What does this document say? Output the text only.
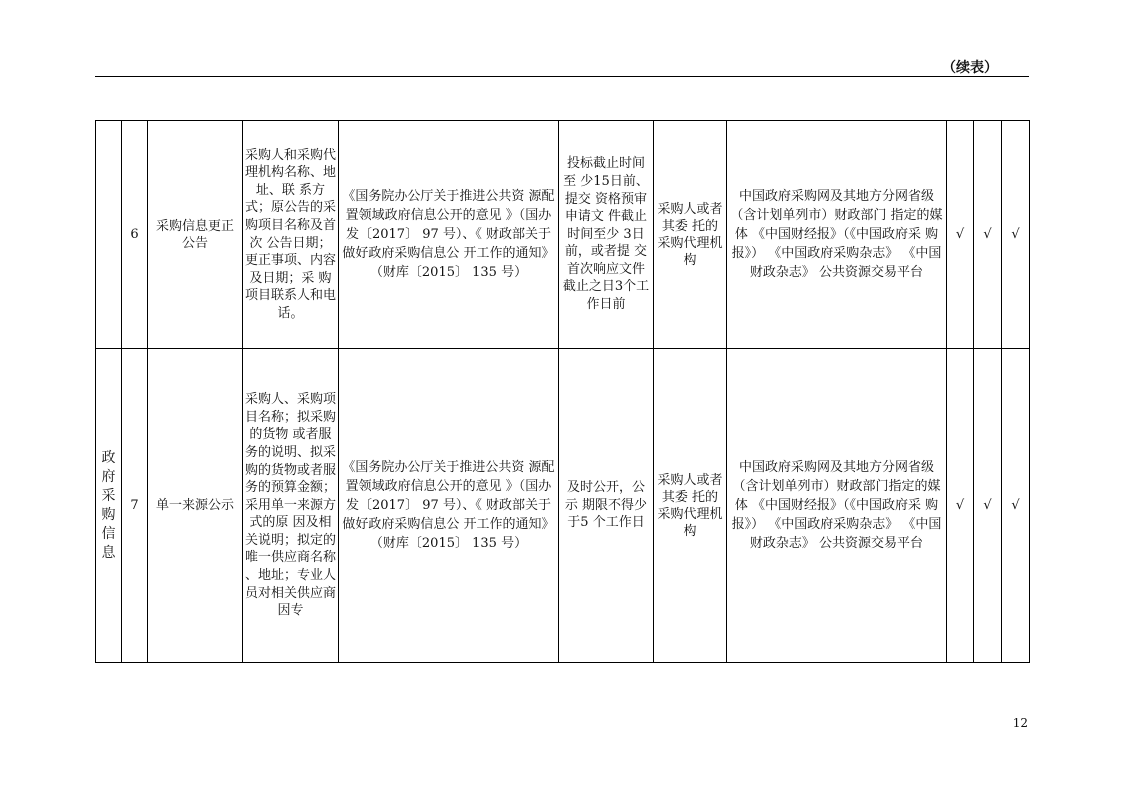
（续表）
	6	采购信息更正公告	采购人和采购代理机构名称、地址、联 系方式；原公告的采购项目名称及首次 公告日期；更正事项、内容及日期；采 购项目联系人和电话。	《国务院办公厅关于推进公共资 源配置领域政府信息公开的意见 》（国办发〔2017〕 97 号）、《 财政部关于做好政府采购信息公 开工作的通知》（财库〔2015〕 135 号）	投标截止时间至 少15日前、提交 资格预审申请文 件截止时间至少 3日前，或者提 交首次响应文件 截止之日3个工 作日前	采购人或者其委 托的采购代理机 构	中国政府采购网及其地方分网省级（含计划单列市）财政部门 指定的媒体 《中国财经报》（《中国政府采 购报》） 《中国政府采购杂志》 《中国财政杂志》 公共资源交易平台	√	√	√
政府采购信息	7	单一来源公示	采购人、采购项目名称；拟采购的货物 或者服务的说明、拟采购的货物或者服 务的预算金额；采用单一来源方式的原 因及相关说明；拟定的唯一供应商名称 、地址；专业人员对相关供应商因专	《国务院办公厅关于推进公共资 源配置领域政府信息公开的意见 》（国办发〔2017〕 97 号）、《 财政部关于做好政府采购信息公 开工作的通知》（财库〔2015〕 135 号）	及时公开，公示 期限不得少于5 个工作日	采购人或者其委 托的采购代理机 构	中国政府采购网及其地方分网省级（含计划单列市）财政部门指定的媒体 《中国财经报》（《中国政府采 购报》） 《中国政府采购杂志》 《中国财政杂志》 公共资源交易平台	√	√	√
12
